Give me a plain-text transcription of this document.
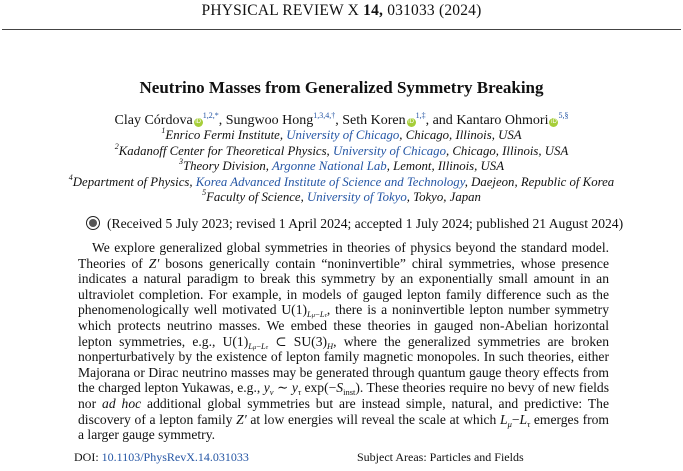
PHYSICAL REVIEW X 14, 031033 (2024)
Neutrino Masses from Generalized Symmetry Breaking
Clay Córdova $iD^{1,2,*}$, Sungwoo Hong$^{1,3,4,\dagger}$, Seth Koren $iD^{1,\ddagger}$, and Kantaro Ohmori $iD^{5,\S}$
$^1$Enrico Fermi Institute, University of Chicago, Chicago, Illinois, USA
$^2$Kadanoff Center for Theoretical Physics, University of Chicago, Chicago, Illinois, USA
$^3$Theory Division, Argonne National Lab, Lemont, Illinois, USA
$^4$Department of Physics, Korea Advanced Institute of Science and Technology, Daejeon, Republic of Korea
$^5$Faculty of Science, University of Tokyo, Tokyo, Japan
(Received 5 July 2023; revised 1 April 2024; accepted 1 July 2024; published 21 August 2024)

We explore generalized global symmetries in theories of physics beyond the standard model. Theories of Z′ bosons generically contain “noninvertible” chiral symmetries, whose presence indicates a natural paradigm to break this symmetry by an exponentially small amount in an ultraviolet completion. For example, in models of gauged lepton family difference such as the phenomenologically well motivated $U(1)_{L\mu-L\tau}$, there is a noninvertible lepton number symmetry which protects neutrino masses. We embed these theories in gauged non-Abelian horizontal lepton symmetries, e.g., $U(1)_{L\mu-L\tau}$ ⊂ $SU(3)_H$, where the generalized symmetries are broken nonperturbatively by the existence of lepton family magnetic monopoles. In such theories, either Majorana or Dirac neutrino masses may be generated through quantum gauge theory effects from the charged lepton Yukawas, e.g., $y_\nu$ ∼ $y_\tau$ $\exp(-S_{inst})$. These theories require no bevy of new fields nor ad hoc additional global symmetries but are instead simple, natural, and predictive: The discovery of a lepton family Z′ at low energies will reveal the scale at which $L_\mu-L_\tau$ emerges from a larger gauge symmetry.

DOI: 10.1103/PhysRevX.14.031033	Subject Areas: Particles and Fields
